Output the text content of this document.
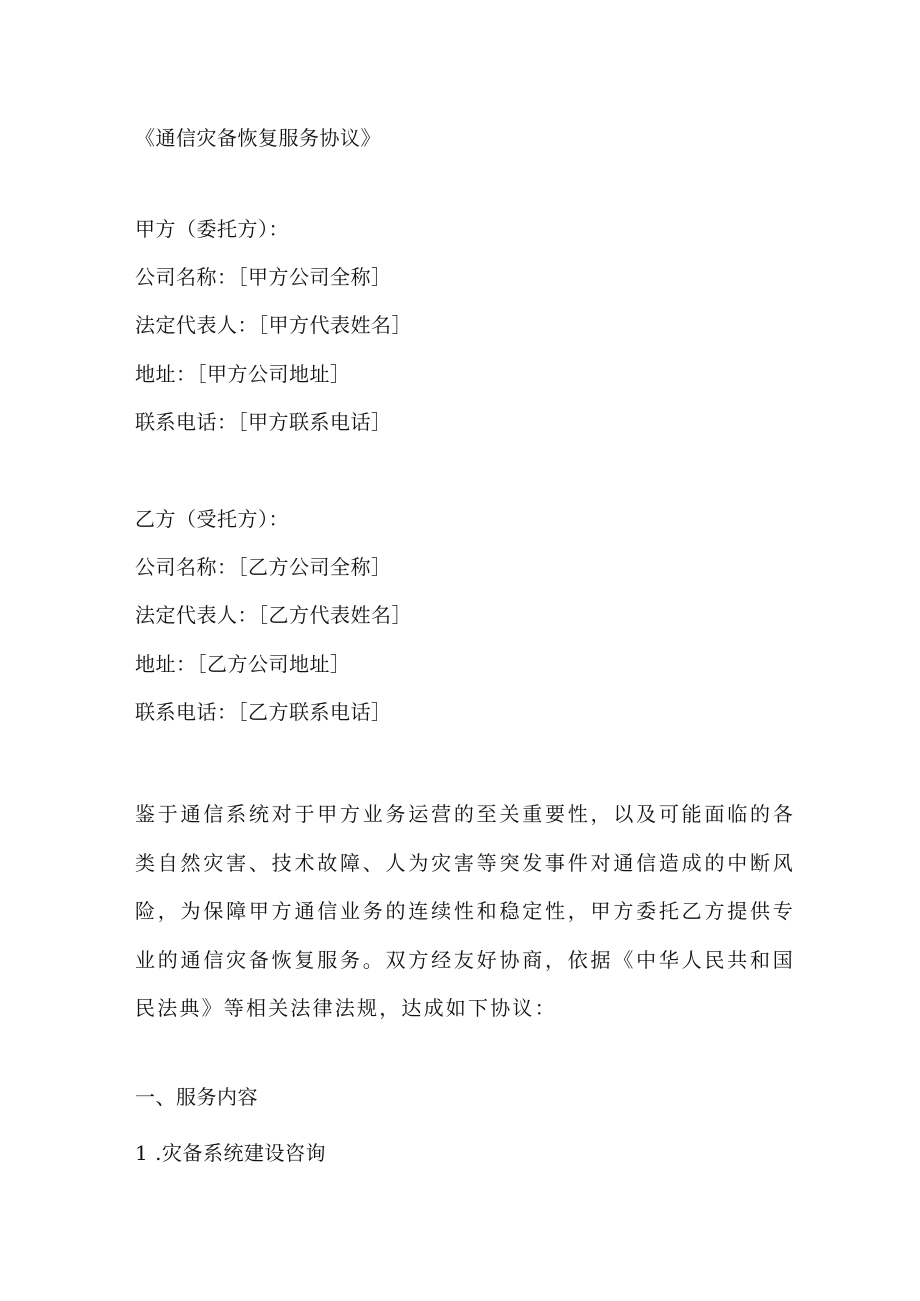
《通信灾备恢复服务协议》
甲方（委托方）：
公司名称：［甲方公司全称］
法定代表人：［甲方代表姓名］
地址：［甲方公司地址］
联系电话：［甲方联系电话］
乙方（受托方）：
公司名称：［乙方公司全称］
法定代表人：［乙方代表姓名］
地址：［乙方公司地址］
联系电话：［乙方联系电话］
鉴于通信系统对于甲方业务运营的至关重要性，以及可能面临的各类自然灾害、技术故障、人为灾害等突发事件对通信造成的中断风险，为保障甲方通信业务的连续性和稳定性，甲方委托乙方提供专业的通信灾备恢复服务。双方经友好协商，依据《中华人民共和国民法典》等相关法律法规，达成如下协议：
一、服务内容
1 .灾备系统建设咨询
